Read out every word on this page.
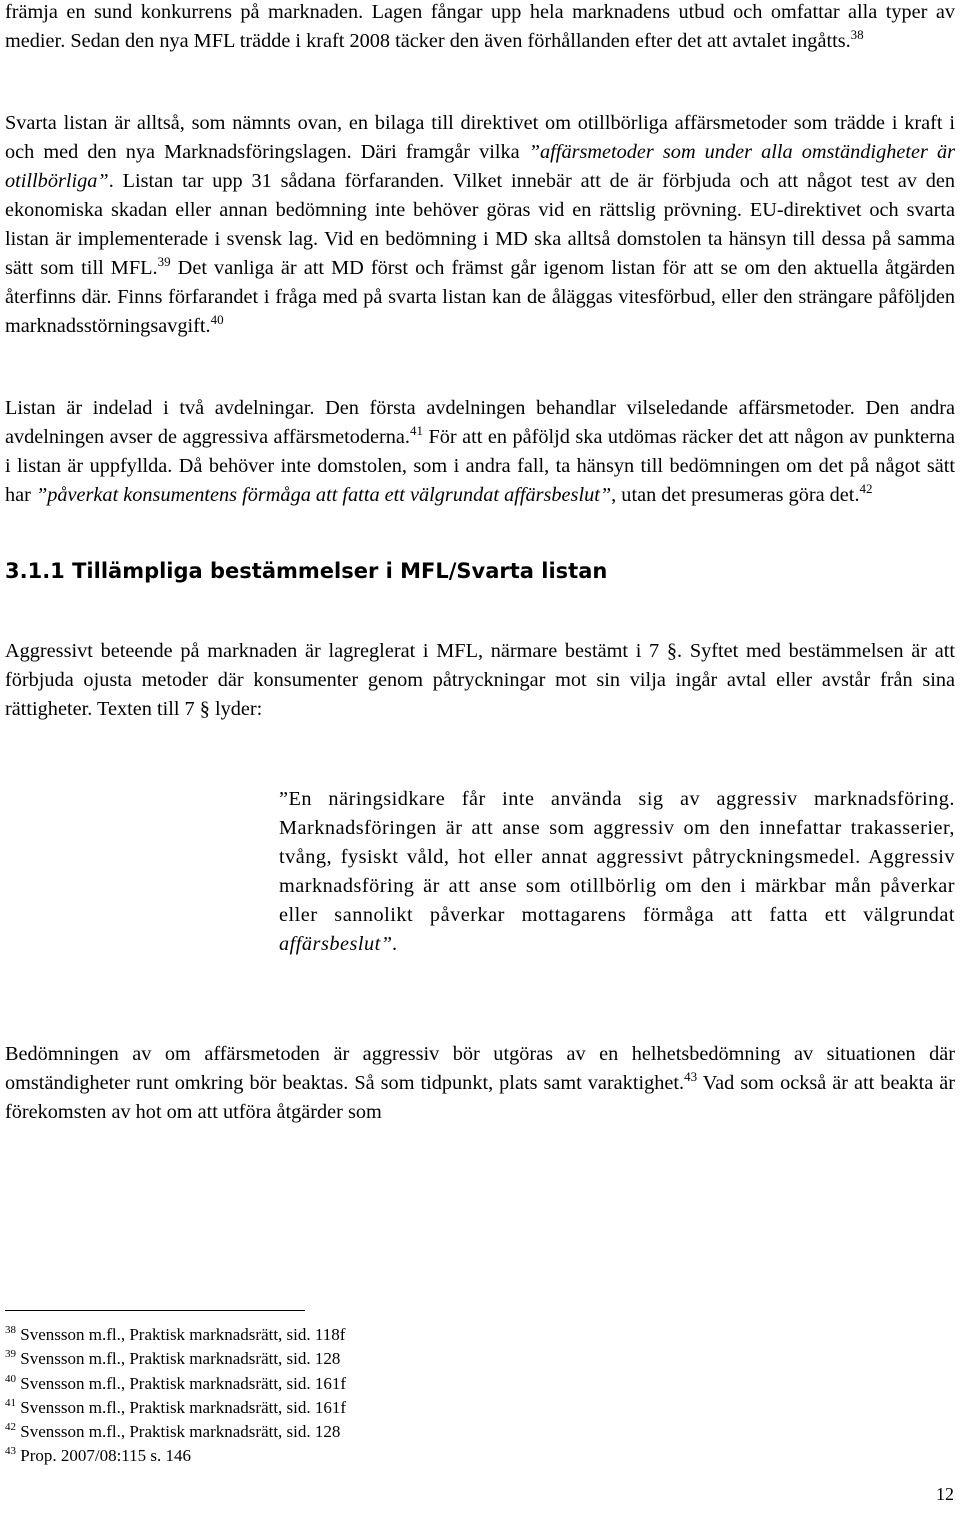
främja en sund konkurrens på marknaden. Lagen fångar upp hela marknadens utbud och omfattar alla typer av medier. Sedan den nya MFL trädde i kraft 2008 täcker den även förhållanden efter det att avtalet ingåtts.$^{38}$

Svarta listan är alltså, som nämnts ovan, en bilaga till direktivet om otillbörliga affärsmetoder som trädde i kraft i och med den nya Marknadsföringslagen. Däri framgår vilka ”affärsmetoder som under alla omständigheter är otillbörliga”. Listan tar upp 31 sådana förfaranden. Vilket innebär att de är förbjuda och att något test av den ekonomiska skadan eller annan bedömning inte behöver göras vid en rättslig prövning. EU-direktivet och svarta listan är implementerade i svensk lag. Vid en bedömning i MD ska alltså domstolen ta hänsyn till dessa på samma sätt som till MFL.$^{39}$ Det vanliga är att MD först och främst går igenom listan för att se om den aktuella åtgärden återfinns där. Finns förfarandet i fråga med på svarta listan kan de åläggas vitesförbud, eller den strängare påföljden marknadsstörningsavgift.$^{40}$

Listan är indelad i två avdelningar. Den första avdelningen behandlar vilseledande affärsmetoder. Den andra avdelningen avser de aggressiva affärsmetoderna.$^{41}$ För att en påföljd ska utdömas räcker det att någon av punkterna i listan är uppfyllda. Då behöver inte domstolen, som i andra fall, ta hänsyn till bedömningen om det på något sätt har ”påverkat konsumentens förmåga att fatta ett välgrundat affärsbeslut”, utan det presumeras göra det.$^{42}$

3.1.1 Tillämpliga bestämmelser i MFL/Svarta listan

Aggressivt beteende på marknaden är lagreglerat i MFL, närmare bestämt i 7 §. Syftet med bestämmelsen är att förbjuda ojusta metoder där konsumenter genom påtryckningar mot sin vilja ingår avtal eller avstår från sina rättigheter. Texten till 7 § lyder:

”En näringsidkare får inte använda sig av aggressiv marknadsföring. Marknadsföringen är att anse som aggressiv om den innefattar trakasserier, tvång, fysiskt våld, hot eller annat aggressivt påtryckningsmedel. Aggressiv marknadsföring är att anse som otillbörlig om den i märkbar mån påverkar eller sannolikt påverkar mottagarens förmåga att fatta ett välgrundat affärsbeslut”.

Bedömningen av om affärsmetoden är aggressiv bör utgöras av en helhetsbedömning av situationen där omständigheter runt omkring bör beaktas. Så som tidpunkt, plats samt varaktighet.$^{43}$ Vad som också är att beakta är förekomsten av hot om att utföra åtgärder som

$^{38}$ Svensson m.fl., Praktisk marknadsrätt, sid. 118f
$^{39}$ Svensson m.fl., Praktisk marknadsrätt, sid. 128
$^{40}$ Svensson m.fl., Praktisk marknadsrätt, sid. 161f
$^{41}$ Svensson m.fl., Praktisk marknadsrätt, sid. 161f
$^{42}$ Svensson m.fl., Praktisk marknadsrätt, sid. 128
$^{43}$ Prop. 2007/08:115 s. 146
12
